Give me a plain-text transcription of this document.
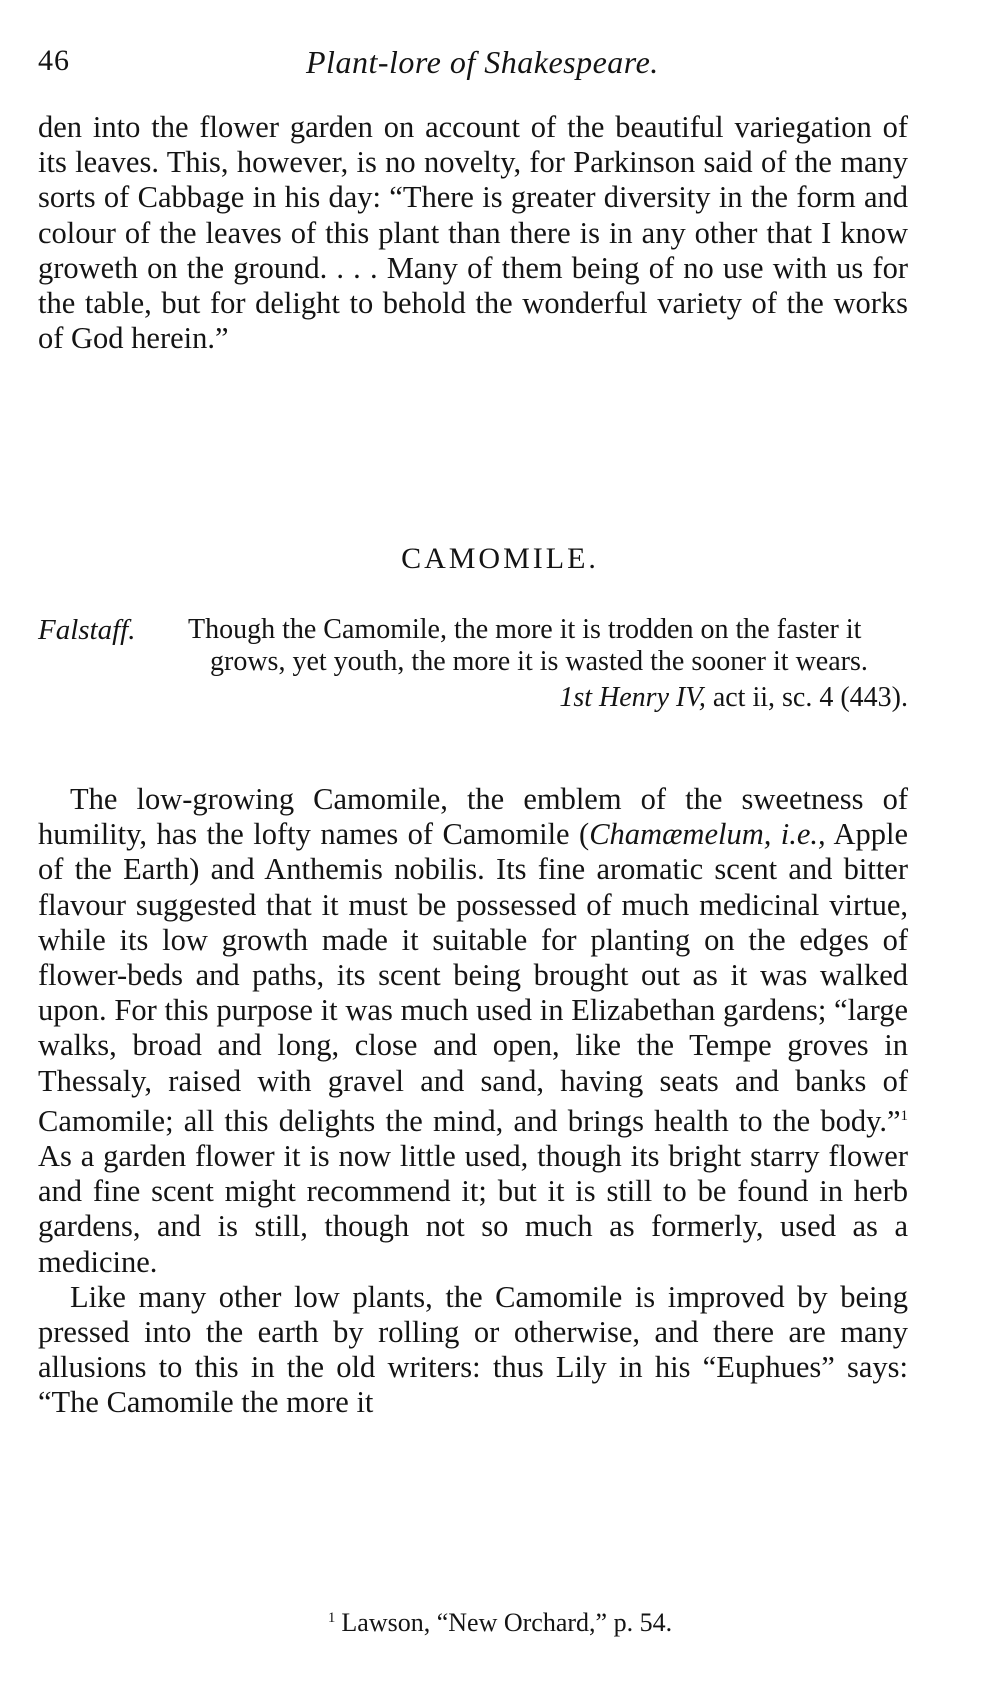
46	Plant-lore of Shakespeare.

den into the flower garden on account of the beautiful variegation of its leaves. This, however, is no novelty, for Parkinson said of the many sorts of Cabbage in his day: “There is greater diversity in the form and colour of the leaves of this plant than there is in any other that I know groweth on the ground. . . . Many of them being of no use with us for the table, but for delight to behold the wonderful variety of the works of God herein.”

CAMOMILE.
Falstaff. Though the Camomile, the more it is trodden on the faster it grows, yet youth, the more it is wasted the sooner it wears.

1st Henry IV, act ii, sc. 4 (443).

The low-growing Camomile, the emblem of the sweetness of humility, has the lofty names of Camomile (Chamæmelum, i.e., Apple of the Earth) and Anthemis nobilis. Its fine aromatic scent and bitter flavour suggested that it must be possessed of much medicinal virtue, while its low growth made it suitable for planting on the edges of flower-beds and paths, its scent being brought out as it was walked upon. For this purpose it was much used in Elizabethan gardens; “large walks, broad and long, close and open, like the Tempe groves in Thessaly, raised with gravel and sand, having seats and banks of Camomile; all this delights the mind, and brings health to the body.”$^1$ As a garden flower it is now little used, though its bright starry flower and fine scent might recommend it; but it is still to be found in herb gardens, and is still, though not so much as formerly, used as a medicine.

Like many other low plants, the Camomile is improved by being pressed into the earth by rolling or otherwise, and there are many allusions to this in the old writers: thus Lily in his “Euphues” says: “The Camomile the more it

$^1$ Lawson, “New Orchard,” p. 54.
